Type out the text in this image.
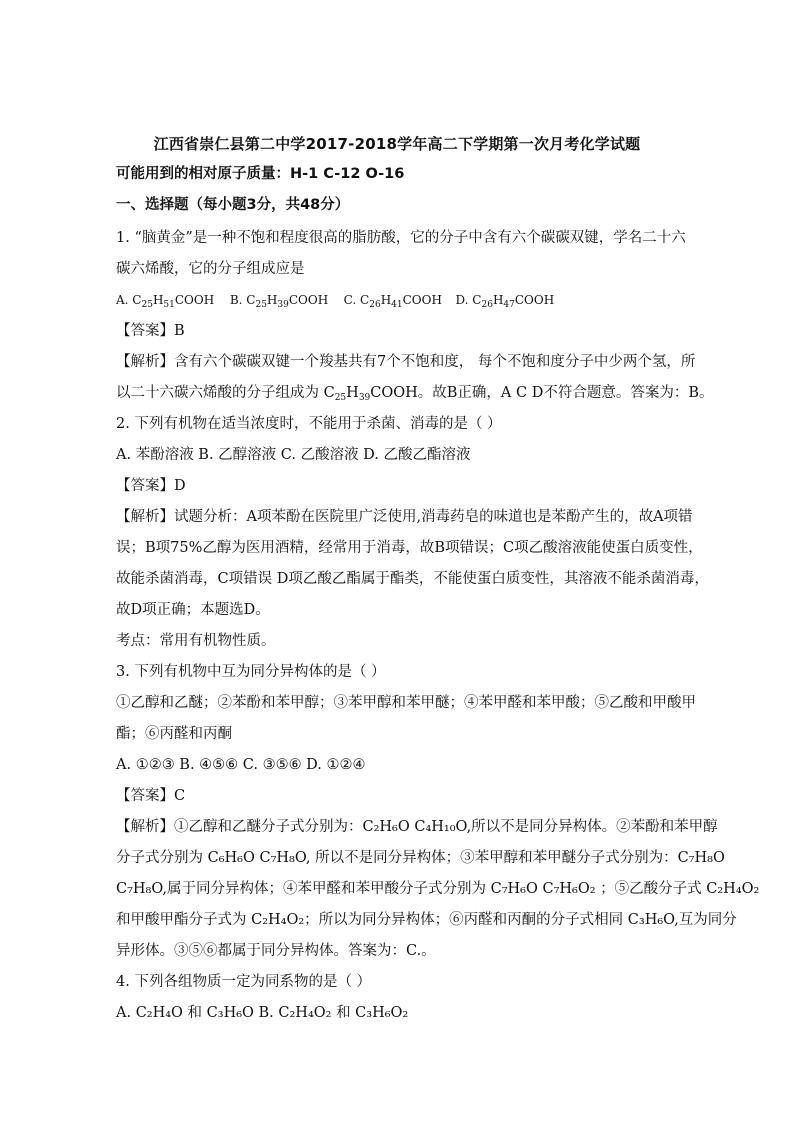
江西省崇仁县第二中学2017-2018学年高二下学期第一次月考化学试题
可能用到的相对原子质量：H-1 C-12 O-16
一、选择题（每小题3分，共48分）
1. “脑黄金”是一种不饱和程度很高的脂肪酸，它的分子中含有六个碳碳双键，学名二十六
碳六烯酸，它的分子组成应是
A. $C_{25}H_{51}COOH$ B. $C_{25}H_{39}COOH$ C. $C_{26}H_{41}COOH$ D. $C_{26}H_{47}COOH$
【答案】B
【解析】含有六个碳碳双键一个羧基共有7个不饱和度， 每个不饱和度分子中少两个氢，所
以二十六碳六烯酸的分子组成为 $C_{25}H_{39}COOH$。故B正确，A C D不符合题意。答案为：B。
2. 下列有机物在适当浓度时，不能用于杀菌、消毒的是（ ）
A. 苯酚溶液 B. 乙醇溶液 C. 乙酸溶液 D. 乙酸乙酯溶液
【答案】D
【解析】试题分析：A项苯酚在医院里广泛使用,消毒药皂的味道也是苯酚产生的，故A项错
误；B项75%乙醇为医用酒精，经常用于消毒，故B项错误；C项乙酸溶液能使蛋白质变性，
故能杀菌消毒，C项错误 D项乙酸乙酯属于酯类，不能使蛋白质变性，其溶液不能杀菌消毒，
故D项正确；本题选D。
考点：常用有机物性质。
3. 下列有机物中互为同分异构体的是（ ）
①乙醇和乙醚；②苯酚和苯甲醇；③苯甲醇和苯甲醚；④苯甲醛和苯甲酸；⑤乙酸和甲酸甲
酯；⑥丙醛和丙酮
A. ①②③ B. ④⑤⑥ C. ③⑤⑥ D. ①②④
【答案】C
【解析】①乙醇和乙醚分子式分别为：C₂H₆O C₄H₁₀O,所以不是同分异构体。②苯酚和苯甲醇
分子式分别为 C₆H₆O C₇H₈O, 所以不是同分异构体；③苯甲醇和苯甲醚分子式分别为：C₇H₈O
C₇H₈O,属于同分异构体；④苯甲醛和苯甲酸分子式分别为 C₇H₆O C₇H₆O₂ ；⑤乙酸分子式 C₂H₄O₂
和甲酸甲酯分子式为 C₂H₄O₂；所以为同分异构体；⑥丙醛和丙酮的分子式相同 C₃H₆O,互为同分
异形体。③⑤⑥都属于同分异构体。答案为：C.。
4. 下列各组物质一定为同系物的是（ ）
A. C₂H₄O 和 C₃H₆O B. C₂H₄O₂ 和 C₃H₆O₂
